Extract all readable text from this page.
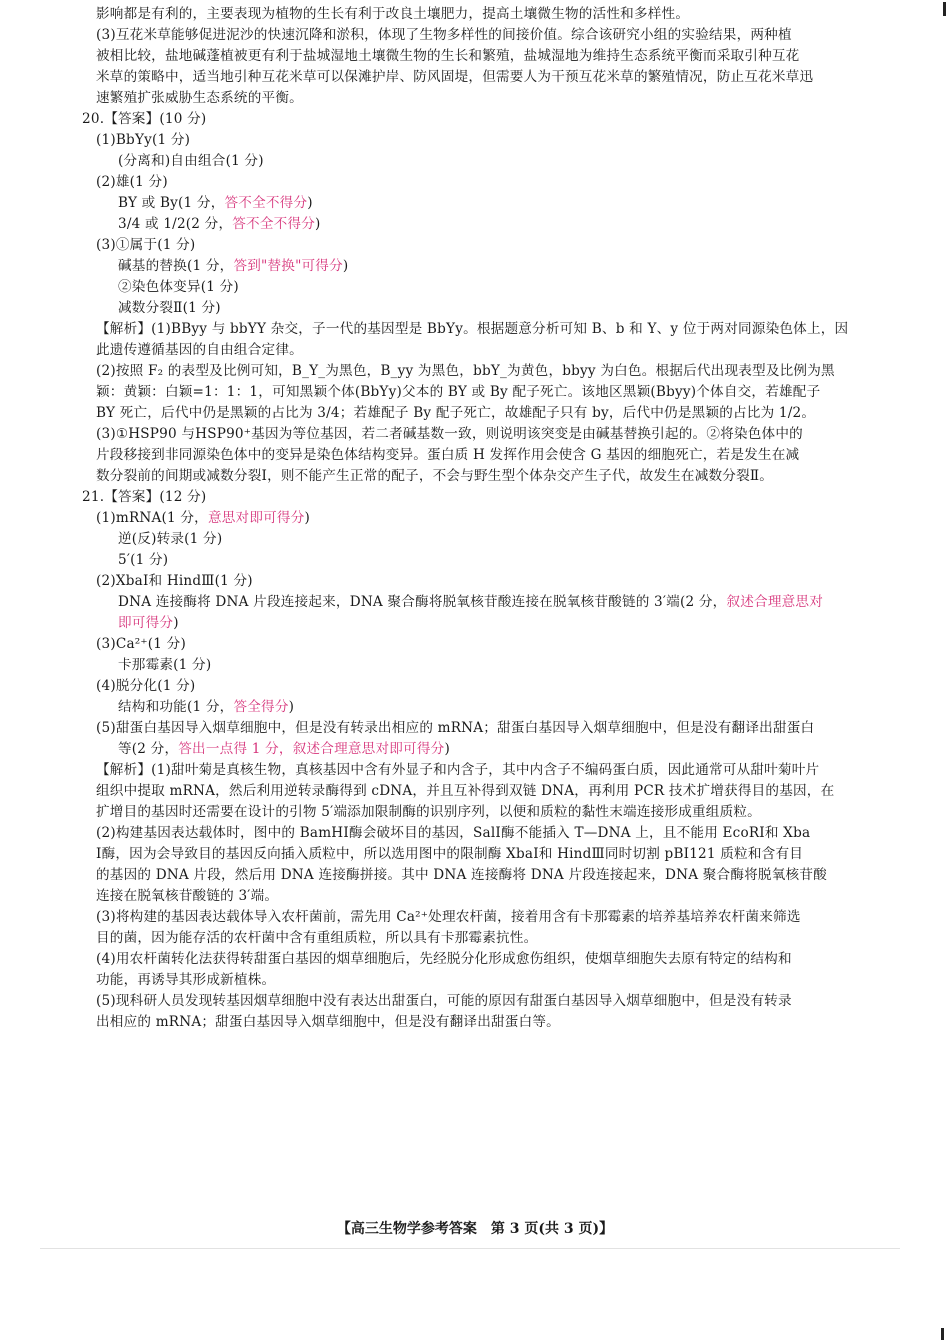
影响都是有利的，主要表现为植物的生长有利于改良土壤肥力，提高土壤微生物的活性和多样性。
(3)互花米草能够促进泥沙的快速沉降和淤积，体现了生物多样性的间接价值。综合该研究小组的实验结果，两种植
被相比较，盐地碱蓬植被更有利于盐城湿地土壤微生物的生长和繁殖，盐城湿地为维持生态系统平衡而采取引种互花
米草的策略中，适当地引种互花米草可以保滩护岸、防风固堤，但需要人为干预互花米草的繁殖情况，防止互花米草迅
速繁殖扩张威胁生态系统的平衡。
20.【答案】(10 分)
(1)BbYy(1 分)
(分离和)自由组合(1 分)
(2)雄(1 分)
BY 或 By(1 分，答不全不得分)
3/4 或 1/2(2 分，答不全不得分)
(3)①属于(1 分)
碱基的替换(1 分，答到"替换"可得分)
②染色体变异(1 分)
减数分裂Ⅱ(1 分)
【解析】(1)BByy 与 bbYY 杂交，子一代的基因型是 BbYy。根据题意分析可知 B、b 和 Y、y 位于两对同源染色体上，因
此遗传遵循基因的自由组合定律。
(2)按照 F₂ 的表型及比例可知，B_Y_为黑色，B_yy 为黑色，bbY_为黄色，bbyy 为白色。根据后代出现表型及比例为黑
颖：黄颖：白颖=1：1：1，可知黑颖个体(BbYy)父本的 BY 或 By 配子死亡。该地区黑颖(Bbyy)个体自交，若雄配子
BY 死亡，后代中仍是黑颖的占比为 3/4；若雄配子 By 配子死亡，故雄配子只有 by，后代中仍是黑颖的占比为 1/2。
(3)①HSP90 与HSP90⁺基因为等位基因，若二者碱基数一致，则说明该突变是由碱基替换引起的。②将染色体中的
片段移接到非同源染色体中的变异是染色体结构变异。蛋白质 H 发挥作用会使含 G 基因的细胞死亡，若是发生在减
数分裂前的间期或减数分裂Ⅰ，则不能产生正常的配子，不会与野生型个体杂交产生子代，故发生在减数分裂Ⅱ。
21.【答案】(12 分)
(1)mRNA(1 分，意思对即可得分)
逆(反)转录(1 分)
5′(1 分)
(2)XbaⅠ和 HindⅢ(1 分)
DNA 连接酶将 DNA 片段连接起来，DNA 聚合酶将脱氧核苷酸连接在脱氧核苷酸链的 3′端(2 分，叙述合理意思对
即可得分)
(3)Ca²⁺(1 分)
卡那霉素(1 分)
(4)脱分化(1 分)
结构和功能(1 分，答全得分)
(5)甜蛋白基因导入烟草细胞中，但是没有转录出相应的 mRNA；甜蛋白基因导入烟草细胞中，但是没有翻译出甜蛋白
等(2 分，答出一点得 1 分，叙述合理意思对即可得分)
【解析】(1)甜叶菊是真核生物，真核基因中含有外显子和内含子，其中内含子不编码蛋白质，因此通常可从甜叶菊叶片
组织中提取 mRNA，然后利用逆转录酶得到 cDNA，并且互补得到双链 DNA，再利用 PCR 技术扩增获得目的基因，在
扩增目的基因时还需要在设计的引物 5′端添加限制酶的识别序列，以便和质粒的黏性末端连接形成重组质粒。
(2)构建基因表达载体时，图中的 BamHⅠ酶会破坏目的基因，SalⅠ酶不能插入 T—DNA 上，且不能用 EcoRⅠ和 Xba
Ⅰ酶，因为会导致目的基因反向插入质粒中，所以选用图中的限制酶 XbaⅠ和 HindⅢ同时切割 pBI121 质粒和含有目
的基因的 DNA 片段，然后用 DNA 连接酶拼接。其中 DNA 连接酶将 DNA 片段连接起来，DNA 聚合酶将脱氧核苷酸
连接在脱氧核苷酸链的 3′端。
(3)将构建的基因表达载体导入农杆菌前，需先用 Ca²⁺处理农杆菌，接着用含有卡那霉素的培养基培养农杆菌来筛选
目的菌，因为能存活的农杆菌中含有重组质粒，所以具有卡那霉素抗性。
(4)用农杆菌转化法获得转甜蛋白基因的烟草细胞后，先经脱分化形成愈伤组织，使烟草细胞失去原有特定的结构和
功能，再诱导其形成新植株。
(5)现科研人员发现转基因烟草细胞中没有表达出甜蛋白，可能的原因有甜蛋白基因导入烟草细胞中，但是没有转录
出相应的 mRNA；甜蛋白基因导入烟草细胞中，但是没有翻译出甜蛋白等。
【高三生物学参考答案　第 3 页(共 3 页)】
